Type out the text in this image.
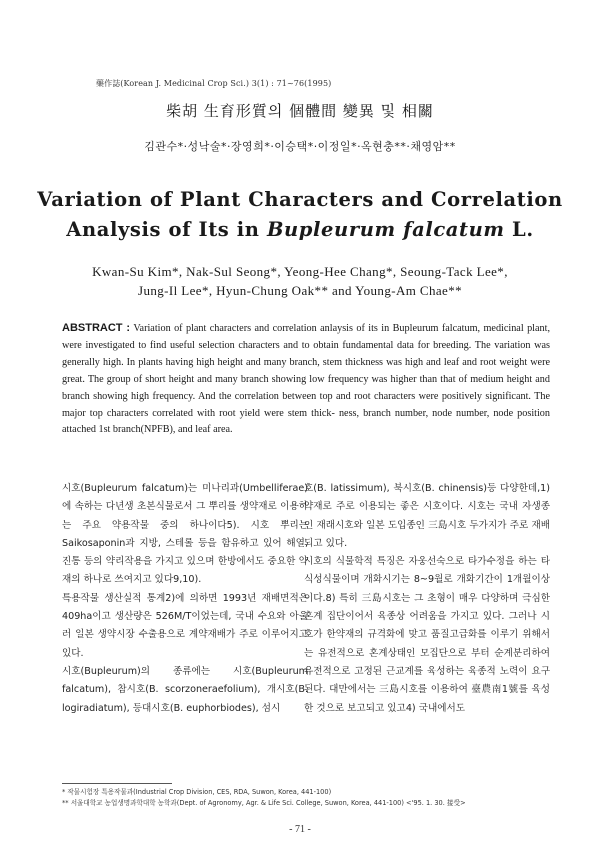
藥作誌(Korean J. Medicinal Crop Sci.) 3(1) : 71~76(1995)
柴胡 生育形質의 個體間 變異 및 相關
김관수*·성낙술*·장영희*·이승택*·이정일*·옥현충**·채영암**
Variation of Plant Characters and Correlation
Analysis of Its in Bupleurum falcatum L.
Kwan-Su Kim*, Nak-Sul Seong*, Yeong-Hee Chang*, Seoung-Tack Lee*,
Jung-Il Lee*, Hyun-Chung Oak** and Young-Am Chae**
ABSTRACT : Variation of plant characters and correlation anlaysis of its in Bupleurum falcatum, medicinal plant, were investigated to find useful selection characters and to obtain fundamental data for breeding. The variation was generally high. In plants having high height and many branch, stem thickness was high and leaf and root weight were great. The group of short height and many branch showing low frequency was higher than that of medium height and branch showing high frequency. And the correlation between top and root characters were positively significant. The major top characters correlated with root yield were stem thick- ness, branch number, node number, node position attached 1st branch(NPFB), and leaf area.

시호(Bupleurum falcatum)는 미나리과(Umbelliferae)에 속하는 다년생 초본식물로서 그 뿌리를 생약재로 이용하는 주요 약용작물 중의 하나이다5). 시호 뿌리는 Saikosaponin과 지방, 스테롤 등을 함유하고 있어 해열, 진통 등의 약리작용을 가지고 있으며 한방에서도 중요한 약재의 하나로 쓰여지고 있다9,10).

특용작물 생산실적 통계2)에 의하면 1993년 재배면적은 409ha이고 생산량은 526M/T이었는데, 국내 수요와 아울러 일본 생약시장 수출용으로 계약재배가 주로 이루어지고 있다.

시호(Bupleurum)의 종류에는 시호(Bupleurum falcatum), 참시호(B. scorzoneraefolium), 개시호(B. logiradiatum), 등대시호(B. euphorbiodes), 섬시

호(B. latissimum), 북시호(B. chinensis)등 다양한데,1) 약재로 주로 이용되는 좋은 시호이다. 시호는 국내 자생종인 재래시호와 일본 도입종인 三島시호 두가지가 주로 재배되고 있다.

시호의 식물학적 특징은 자웅선숙으로 타가수정을 하는 타식성식물이며 개화시기는 8~9월로 개화기간이 1개월이상이다.8) 특히 三島시호는 그 초형이 매우 다양하며 극심한 혼계 집단이어서 육종상 어려움을 가지고 있다. 그러나 시호가 한약재의 규격화에 맞고 품질고급화를 이루기 위해서는 유전적으로 혼계상태인 모집단으로 부터 순계분리하여 유전적으로 고정된 근교계를 육성하는 육종적 노력이 요구된다. 대만에서는 三島시호를 이용하여 臺農南1號를 육성한 것으로 보고되고 있고4) 국내에서도

* 작물시험장 특용작물과(Industrial Crop Division, CES, RDA, Suwon, Korea, 441-100)
** 서울대학교 농업생명과학대학 농학과(Dept. of Agronomy, Agr. & Life Sci. College, Suwon, Korea, 441-100) <'95. 1. 30. 接受>
- 71 -
